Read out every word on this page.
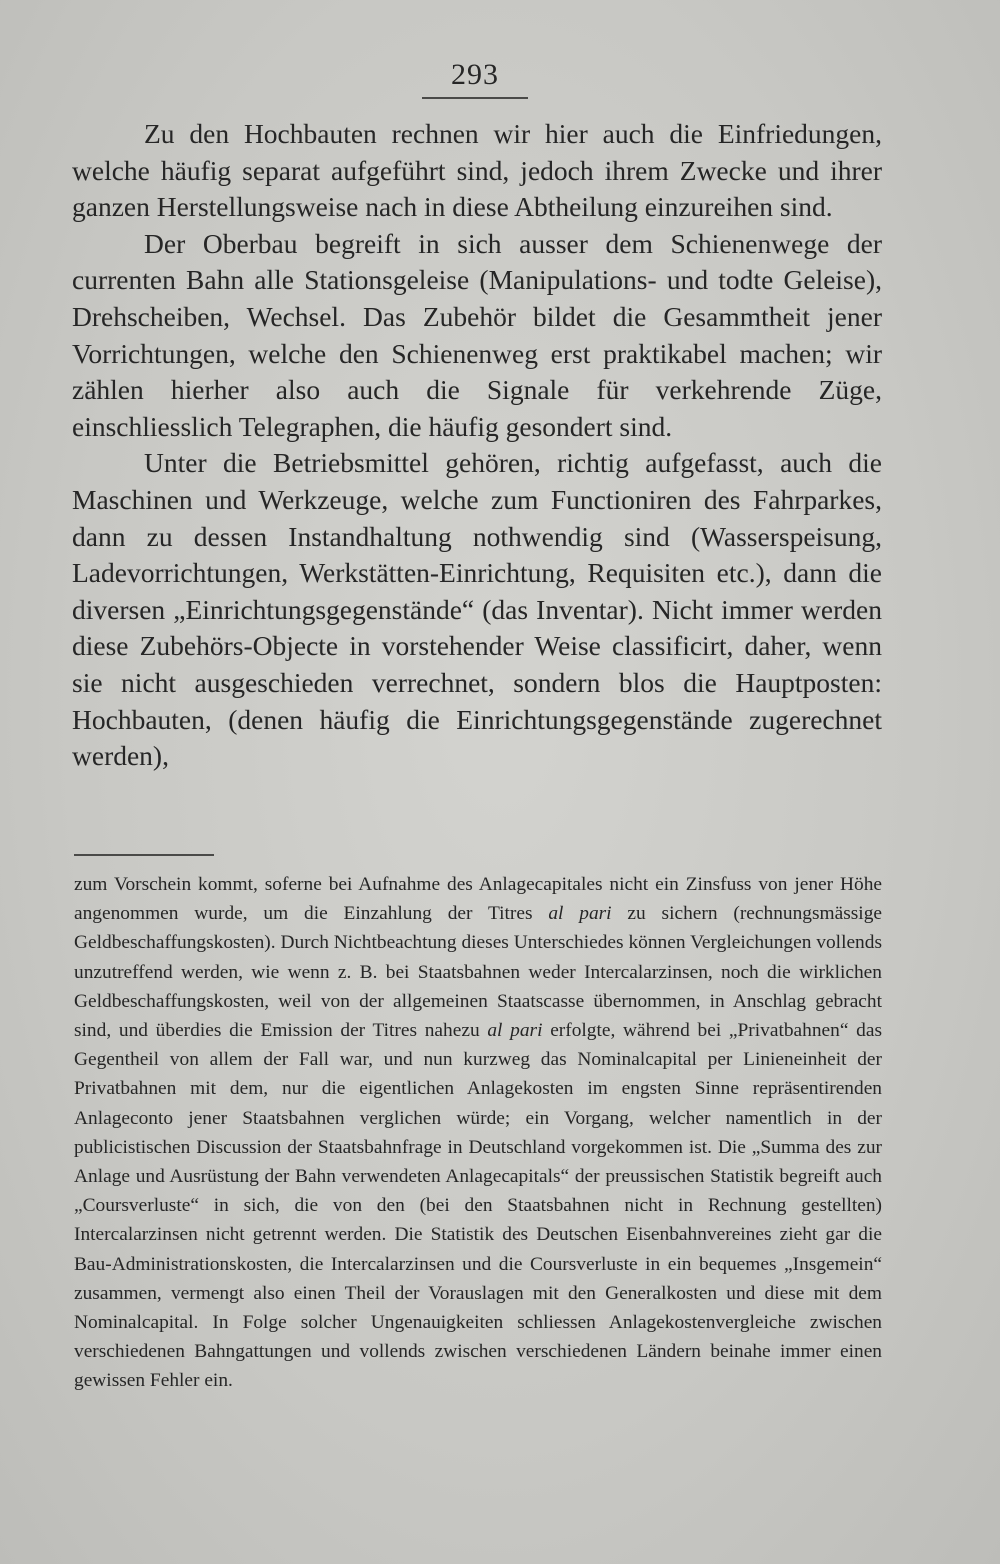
293

Zu den Hochbauten rechnen wir hier auch die Einfriedungen, welche häufig separat aufgeführt sind, jedoch ihrem Zwecke und ihrer ganzen Herstellungsweise nach in diese Abtheilung einzureihen sind.

Der Oberbau begreift in sich ausser dem Schienenwege der currenten Bahn alle Stationsgeleise (Manipulations- und todte Geleise), Drehscheiben, Wechsel. Das Zubehör bildet die Gesammtheit jener Vorrichtungen, welche den Schienenweg erst praktikabel machen; wir zählen hierher also auch die Signale für verkehrende Züge, einschliesslich Telegraphen, die häufig gesondert sind.

Unter die Betriebsmittel gehören, richtig aufgefasst, auch die Maschinen und Werkzeuge, welche zum Functioniren des Fahrparkes, dann zu dessen Instandhaltung nothwendig sind (Wasserspeisung, Ladevorrichtungen, Werkstätten-Einrichtung, Requisiten etc.), dann die diversen „Einrichtungsgegenstände“ (das Inventar). Nicht immer werden diese Zubehörs-Objecte in vorstehender Weise classificirt, daher, wenn sie nicht ausgeschieden verrechnet, sondern blos die Hauptposten: Hochbauten, (denen häufig die Einrichtungsgegenstände zugerechnet werden),

zum Vorschein kommt, soferne bei Aufnahme des Anlagecapitales nicht ein Zinsfuss von jener Höhe angenommen wurde, um die Einzahlung der Titres al pari zu sichern (rechnungsmässige Geldbeschaffungskosten). Durch Nichtbeachtung dieses Unterschiedes können Vergleichungen vollends unzutreffend werden, wie wenn z. B. bei Staatsbahnen weder Intercalarzinsen, noch die wirklichen Geldbeschaffungskosten, weil von der allgemeinen Staatscasse übernommen, in Anschlag gebracht sind, und überdies die Emission der Titres nahezu al pari erfolgte, während bei „Privatbahnen“ das Gegentheil von allem der Fall war, und nun kurzweg das Nominalcapital per Linieneinheit der Privatbahnen mit dem, nur die eigentlichen Anlagekosten im engsten Sinne repräsentirenden Anlageconto jener Staatsbahnen verglichen würde; ein Vorgang, welcher namentlich in der publicistischen Discussion der Staatsbahnfrage in Deutschland vorgekommen ist. Die „Summa des zur Anlage und Ausrüstung der Bahn verwendeten Anlagecapitals“ der preussischen Statistik begreift auch „Coursverluste“ in sich, die von den (bei den Staatsbahnen nicht in Rechnung gestellten) Intercalarzinsen nicht getrennt werden. Die Statistik des Deutschen Eisenbahnvereines zieht gar die Bau-Administrationskosten, die Intercalarzinsen und die Coursverluste in ein bequemes „Insgemein“ zusammen, vermengt also einen Theil der Vorauslagen mit den Generalkosten und diese mit dem Nominalcapital. In Folge solcher Ungenauigkeiten schliessen Anlagekostenvergleiche zwischen verschiedenen Bahngattungen und vollends zwischen verschiedenen Ländern beinahe immer einen gewissen Fehler ein.
